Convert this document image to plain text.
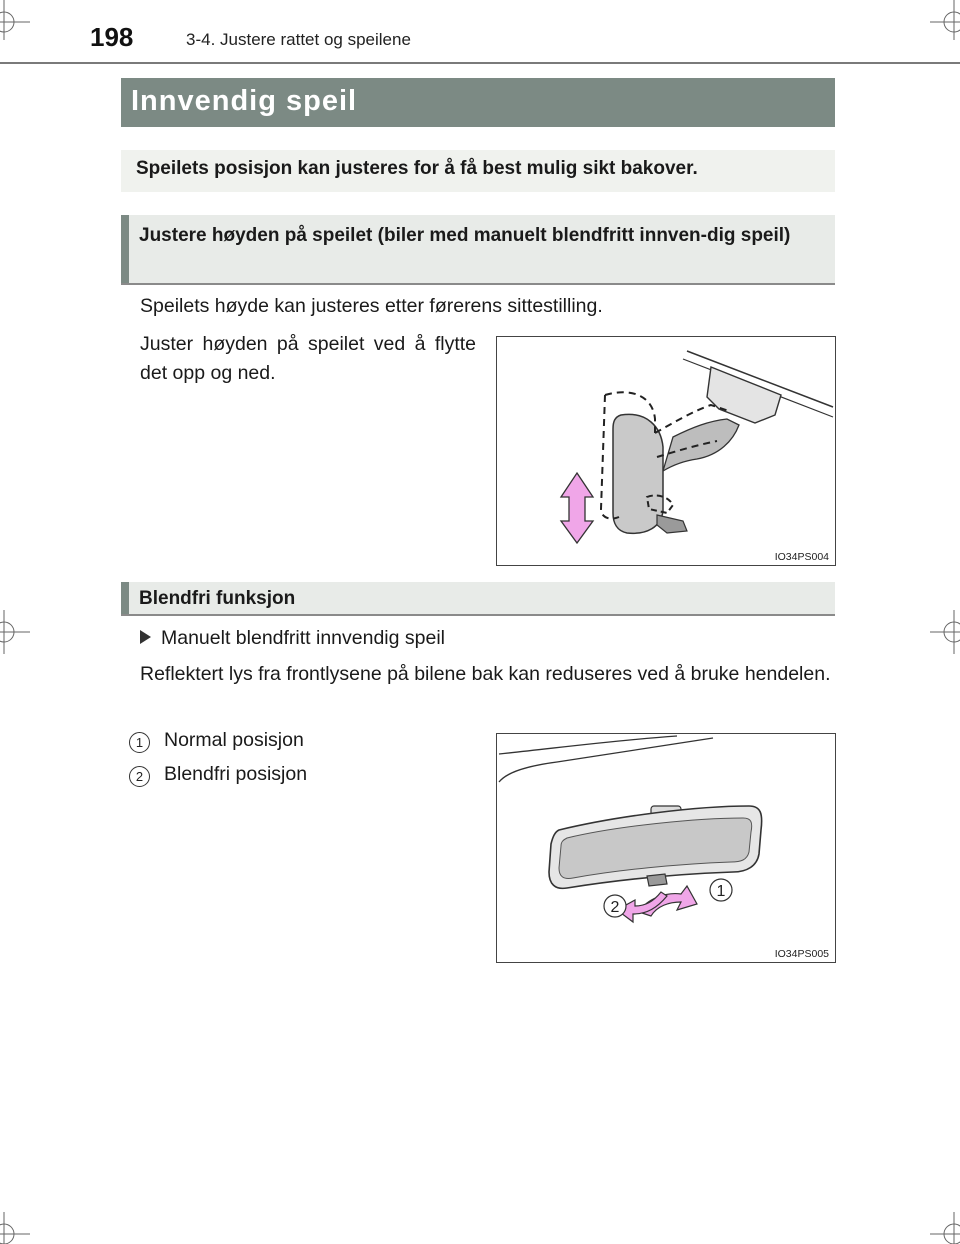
198	3-4. Justere rattet og speilene
Innvendig speil
Speilets posisjon kan justeres for å få best mulig sikt bakover.
Justere høyden på speilet (biler med manuelt blendfritt innven-dig speil)
Speilets høyde kan justeres etter førerens sittestilling.
Juster høyden på speilet ved å flytte det opp og ned.
IO34PS004
Blendfri funksjon
Manuelt blendfritt innvendig speil
Reflektert lys fra frontlysene på bilene bak kan reduseres ved å bruke hendelen.
1	Normal posisjon
2	Blendfri posisjon
1
2
IO34PS005
